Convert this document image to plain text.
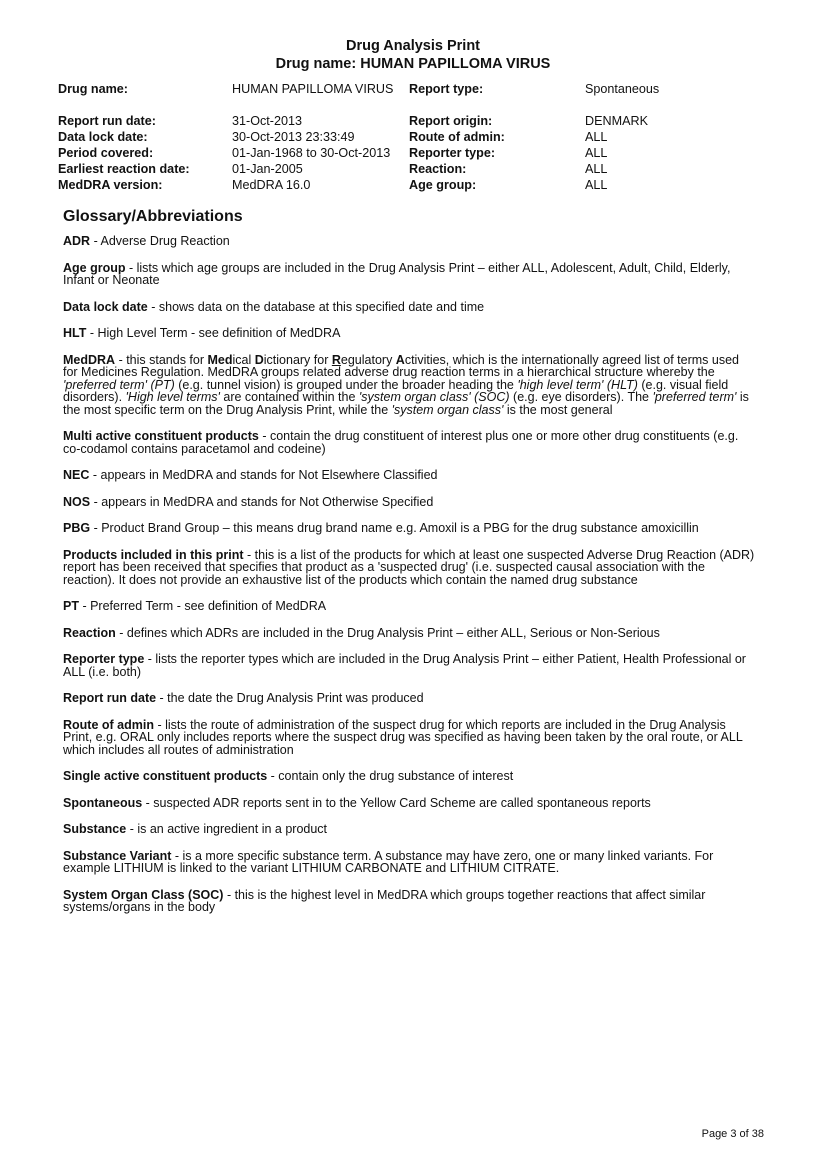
Drug Analysis Print
Drug name: HUMAN PAPILLOMA VIRUS
Drug name:	HUMAN PAPILLOMA VIRUS	Report type:	Spontaneous
Report run date:	31-Oct-2013	Report origin:	DENMARK
Data lock date:	30-Oct-2013 23:33:49	Route of admin:	ALL
Period covered:	01-Jan-1968 to 30-Oct-2013	Reporter type:	ALL
Earliest reaction date:	01-Jan-2005	Reaction:	ALL
MedDRA version:	MedDRA 16.0	Age group:	ALL
Glossary/Abbreviations

ADR - Adverse Drug Reaction

Age group - lists which age groups are included in the Drug Analysis Print – either ALL, Adolescent, Adult, Child, Elderly, Infant or Neonate

Data lock date - shows data on the database at this specified date and time

HLT - High Level Term - see definition of MedDRA

MedDRA - this stands for Medical Dictionary for Regulatory Activities, which is the internationally agreed list of terms used for Medicines Regulation. MedDRA groups related adverse drug reaction terms in a hierarchical structure whereby the 'preferred term' (PT) (e.g. tunnel vision) is grouped under the broader heading the 'high level term' (HLT) (e.g. visual field disorders). 'High level terms' are contained within the 'system organ class' (SOC) (e.g. eye disorders). The 'preferred term' is the most specific term on the Drug Analysis Print, while the 'system organ class' is the most general

Multi active constituent products - contain the drug constituent of interest plus one or more other drug constituents (e.g. co-codamol contains paracetamol and codeine)

NEC - appears in MedDRA and stands for Not Elsewhere Classified

NOS - appears in MedDRA and stands for Not Otherwise Specified

PBG - Product Brand Group – this means drug brand name e.g. Amoxil is a PBG for the drug substance amoxicillin

Products included in this print - this is a list of the products for which at least one suspected Adverse Drug Reaction (ADR) report has been received that specifies that product as a 'suspected drug' (i.e. suspected causal association with the reaction). It does not provide an exhaustive list of the products which contain the named drug substance

PT - Preferred Term - see definition of MedDRA

Reaction - defines which ADRs are included in the Drug Analysis Print – either ALL, Serious or Non-Serious

Reporter type - lists the reporter types which are included in the Drug Analysis Print – either Patient, Health Professional or ALL (i.e. both)

Report run date - the date the Drug Analysis Print was produced

Route of admin - lists the route of administration of the suspect drug for which reports are included in the Drug Analysis Print, e.g. ORAL only includes reports where the suspect drug was specified as having been taken by the oral route, or ALL which includes all routes of administration

Single active constituent products - contain only the drug substance of interest

Spontaneous - suspected ADR reports sent in to the Yellow Card Scheme are called spontaneous reports

Substance - is an active ingredient in a product

Substance Variant - is a more specific substance term. A substance may have zero, one or many linked variants. For example LITHIUM is linked to the variant LITHIUM CARBONATE and LITHIUM CITRATE.

System Organ Class (SOC) - this is the highest level in MedDRA which groups together reactions that affect similar systems/organs in the body

Page 3 of 38
